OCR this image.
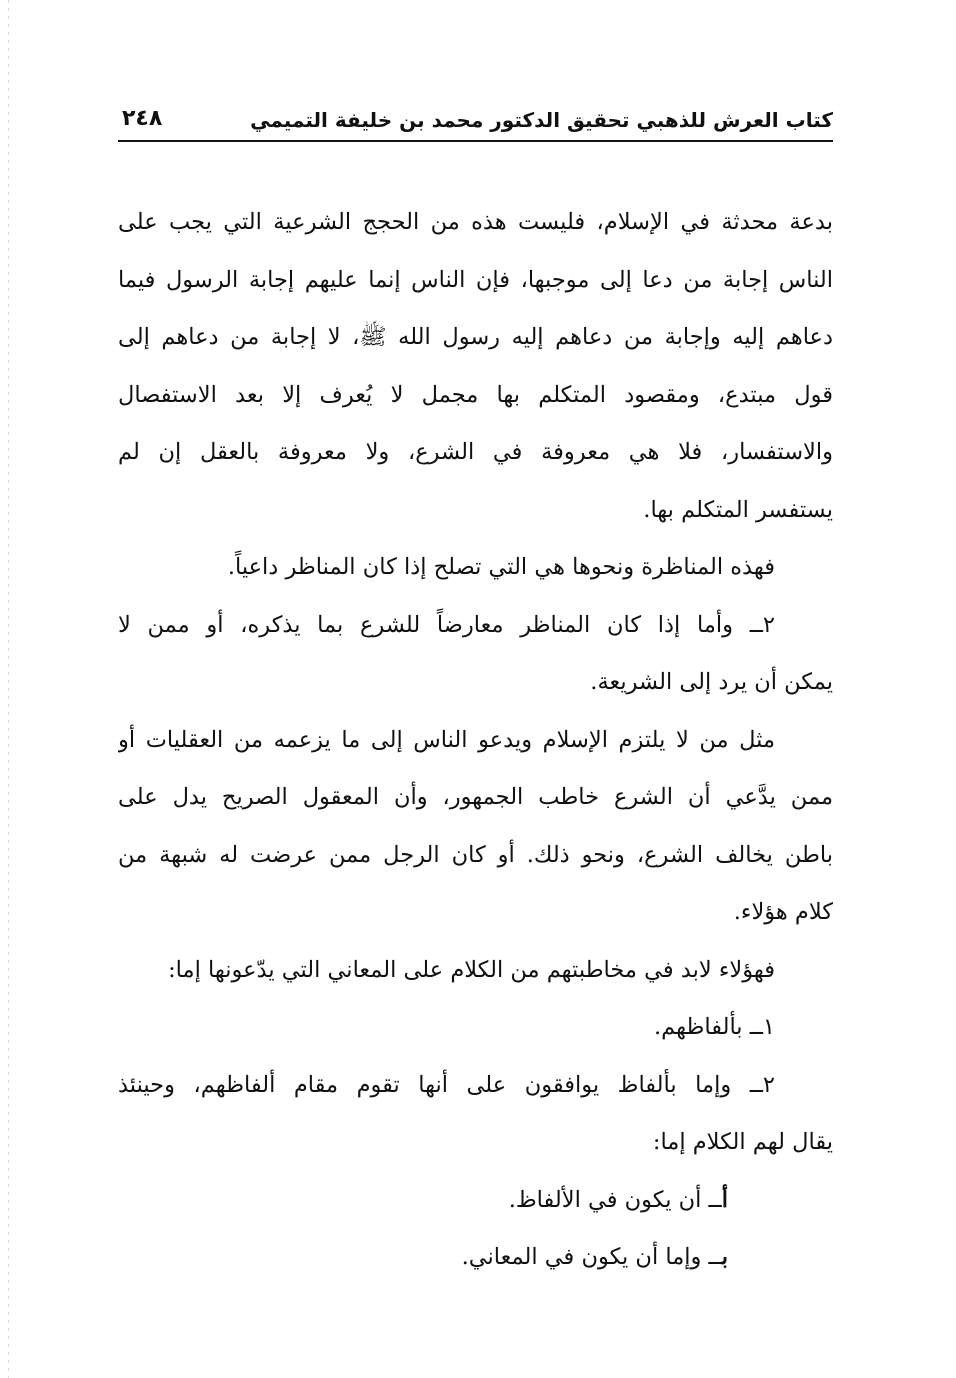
كتاب العرش للذهبي تحقيق الدكتور محمد بن خليفة التميمي
٢٤٨
بدعة محدثة في الإسلام، فليست هذه من الحجج الشرعية التي يجب على
الناس إجابة من دعا إلى موجبها، فإن الناس إنما عليهم إجابة الرسول فيما
دعاهم إليه وإجابة من دعاهم إليه رسول الله ﷺ، لا إجابة من دعاهم إلى
قول مبتدع، ومقصود المتكلم بها مجمل لا يُعرف إلا بعد الاستفصال
والاستفسار، فلا هي معروفة في الشرع، ولا معروفة بالعقل إن لم
يستفسر المتكلم بها.
فهذه المناظرة ونحوها هي التي تصلح إذا كان المناظر داعياً.
٢ــ وأما إذا كان المناظر معارضاً للشرع بما يذكره، أو ممن لا
يمكن أن يرد إلى الشريعة.
مثل من لا يلتزم الإسلام ويدعو الناس إلى ما يزعمه من العقليات أو
ممن يدَّعي أن الشرع خاطب الجمهور، وأن المعقول الصريح يدل على
باطن يخالف الشرع، ونحو ذلك. أو كان الرجل ممن عرضت له شبهة من
كلام هؤلاء.
فهؤلاء لابد في مخاطبتهم من الكلام على المعاني التي يدّعونها إما:
١ــ بألفاظهم.
٢ــ وإما بألفاظ يوافقون على أنها تقوم مقام ألفاظهم، وحينئذ
يقال لهم الكلام إما:
أــ أن يكون في الألفاظ.
بــ وإما أن يكون في المعاني.
